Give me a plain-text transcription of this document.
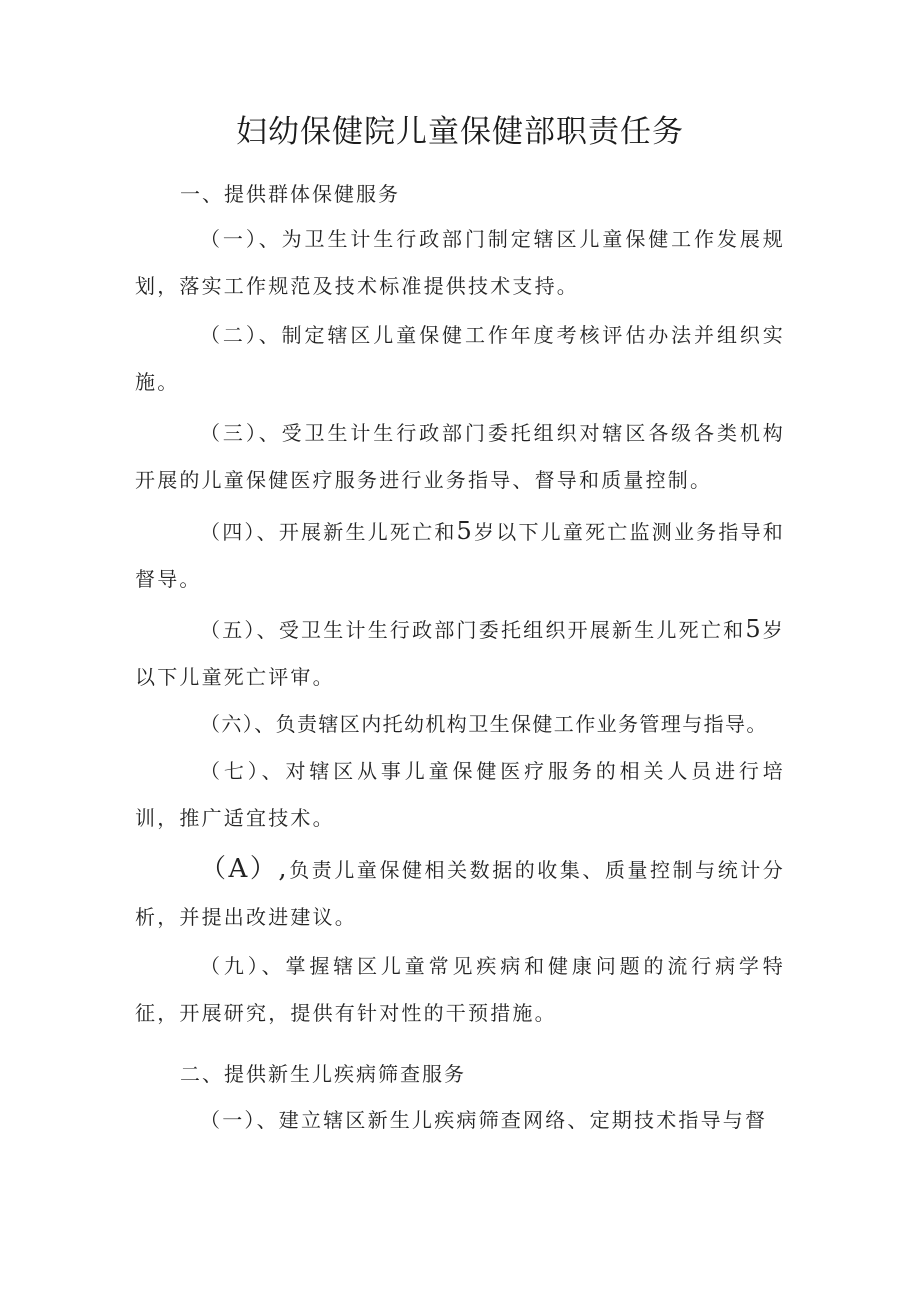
妇幼保健院儿童保健部职责任务

一、提供群体保健服务

（一）、为卫生计生行政部门制定辖区儿童保健工作发展规划，落实工作规范及技术标准提供技术支持。

（二）、制定辖区儿童保健工作年度考核评估办法并组织实施。

（三）、受卫生计生行政部门委托组织对辖区各级各类机构开展的儿童保健医疗服务进行业务指导、督导和质量控制。

（四）、开展新生儿死亡和5岁以下儿童死亡监测业务指导和督导。

（五）、受卫生计生行政部门委托组织开展新生儿死亡和5岁以下儿童死亡评审。

（六）、负责辖区内托幼机构卫生保健工作业务管理与指导。

（七）、对辖区从事儿童保健医疗服务的相关人员进行培训，推广适宜技术。

（A）,负责儿童保健相关数据的收集、质量控制与统计分析，并提出改进建议。

（九）、掌握辖区儿童常见疾病和健康问题的流行病学特征，开展研究，提供有针对性的干预措施。

二、提供新生儿疾病筛查服务

（一）、建立辖区新生儿疾病筛查网络、定期技术指导与督
